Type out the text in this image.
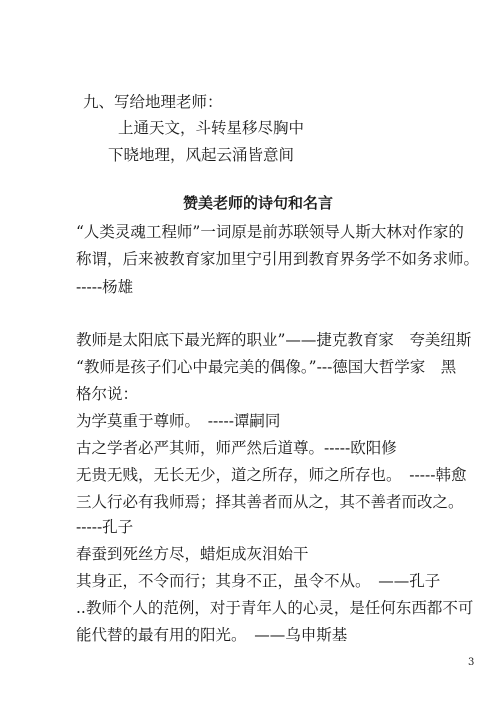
九、写给地理老师：
上通天文，斗转星移尽胸中
下晓地理，风起云涌皆意间
赞美老师的诗句和名言
“人类灵魂工程师”一词原是前苏联领导人斯大林对作家的
称谓，后来被教育家加里宁引用到教育界务学不如务求师。
-----杨雄
教师是太阳底下最光辉的职业”——捷克教育家　夸美纽斯
“教师是孩子们心中最完美的偶像。”---德国大哲学家　黑
格尔说：
为学莫重于尊师。　-----谭嗣同
古之学者必严其师，师严然后道尊。-----欧阳修
无贵无贱，无长无少，道之所存，师之所存也。　-----韩愈
三人行必有我师焉；择其善者而从之，其不善者而改之。
-----孔子
春蚕到死丝方尽，蜡炬成灰泪始干
其身正，不令而行；其身不正，虽令不从。　——孔子
..教师个人的范例，对于青年人的心灵，是任何东西都不可
能代替的最有用的阳光。　——乌申斯基
3
